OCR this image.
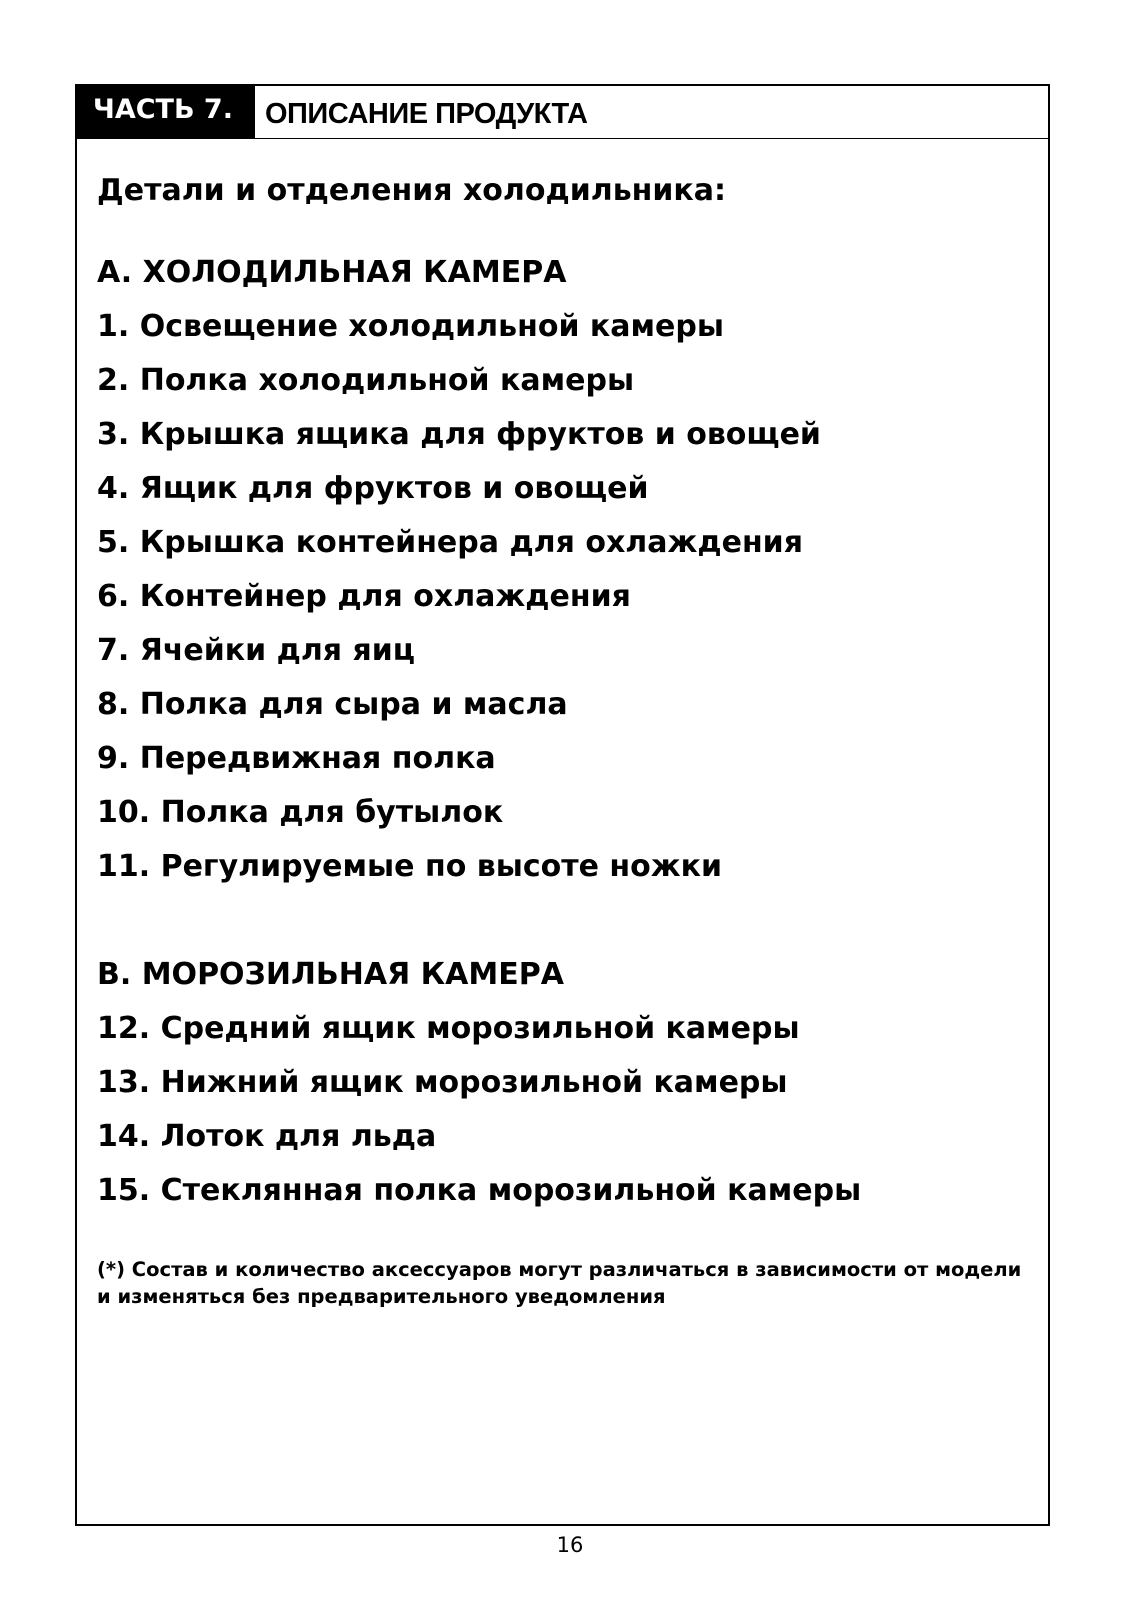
ЧАСТЬ 7.	ОПИСАНИЕ ПРОДУКТА
Детали и отделения холодильника:
A. ХОЛОДИЛЬНАЯ КАМЕРА
1. Освещение холодильной камеры
2. Полка холодильной камеры
3. Крышка ящика для фруктов и овощей
4. Ящик для фруктов и овощей
5. Крышка контейнера для охлаждения
6. Контейнер для охлаждения
7. Ячейки для яиц
8. Полка для сыра и масла
9. Передвижная полка
10. Полка для бутылок
11. Регулируемые по высоте ножки
B. МОРОЗИЛЬНАЯ КАМЕРА
12. Средний ящик морозильной камеры
13. Нижний ящик морозильной камеры
14. Лоток для льда
15. Стеклянная полка морозильной камеры
(*) Состав и количество аксессуаров могут различаться в зависимости от модели и изменяться без предварительного уведомления
16
